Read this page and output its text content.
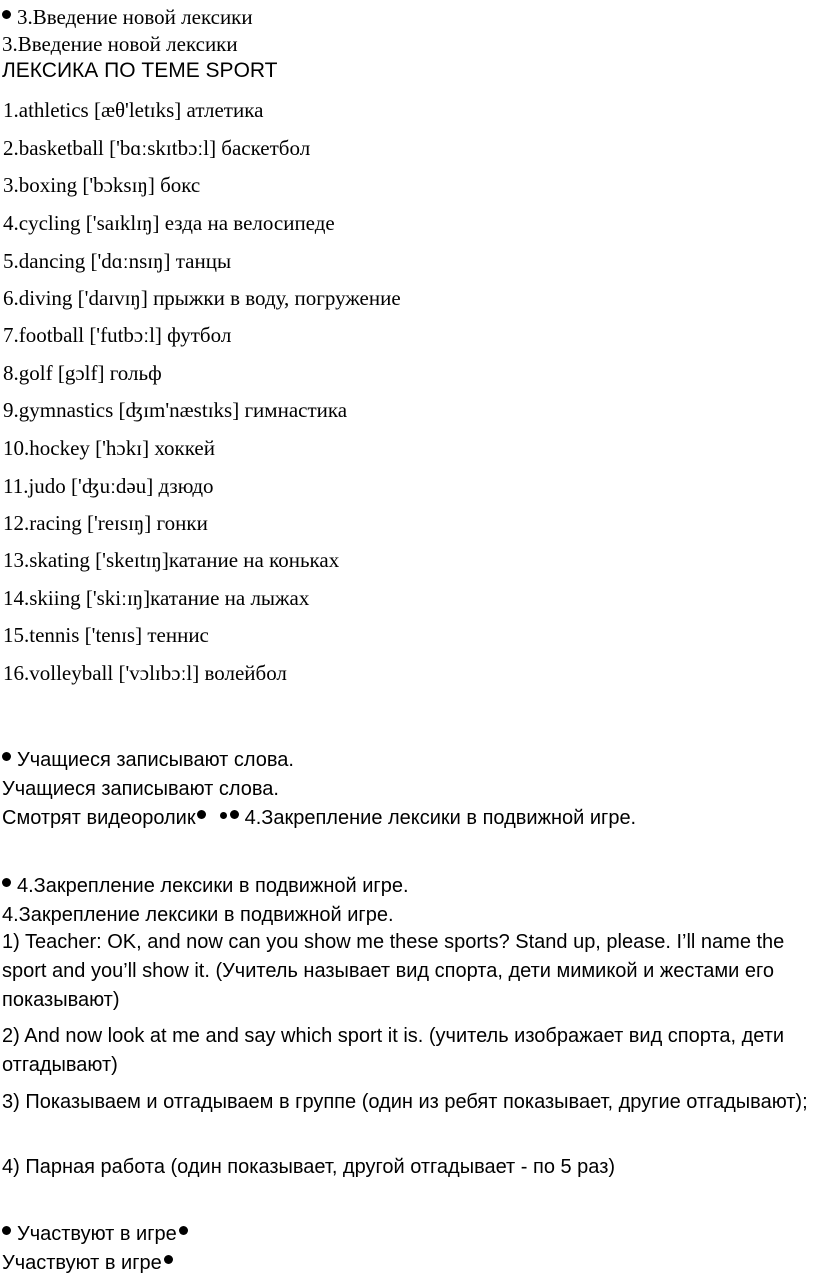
3.Введение новой лексики
3.Введение новой лексики
ЛЕКСИКА ПО ТЕМЕ SPORT
1.athletics [æθ'letɪks] атлетика
2.basketball ['bɑːskɪtbɔːl] баскетбол
3.boxing ['bɔksɪŋ] бокс
4.cycling ['saɪklɪŋ] езда на велосипеде
5.dancing ['dɑːnsɪŋ] танцы
6.diving ['daɪvɪŋ] прыжки в воду, погружение
7.football ['futbɔːl] футбол
8.golf [gɔlf] гольф
9.gymnastics [ʤɪm'næstɪks] гимнастика
10.hockey ['hɔkɪ] хоккей
11.judo ['ʤuːdəu] дзюдо
12.racing ['reɪsɪŋ] гонки
13.skating ['skeɪtɪŋ]катание на коньках
14.skiing ['skiːɪŋ]катание на лыжах
15.tennis ['tenɪs] теннис
16.volleyball ['vɔlɪbɔːl] волейбол
Учащиеся записывают слова.
Учащиеся записывают слова.
Смотрят видеоролик 4.Закрепление лексики в подвижной игре.
4.Закрепление лексики в подвижной игре.
4.Закрепление лексики в подвижной игре.
1) Teacher: OK, and now can you show me these sports? Stand up, please. I’ll name the sport and you’ll show it. (Учитель называет вид спорта, дети мимикой и жестами его показывают)
2) And now look at me and say which sport it is. (учитель изображает вид спорта, дети отгадывают)
3) Показываем и отгадываем в группе (один из ребят показывает, другие отгадывают);
4) Парная работа (один показывает, другой отгадывает - по 5 раз)
Участвуют в игре
Участвуют в игре
